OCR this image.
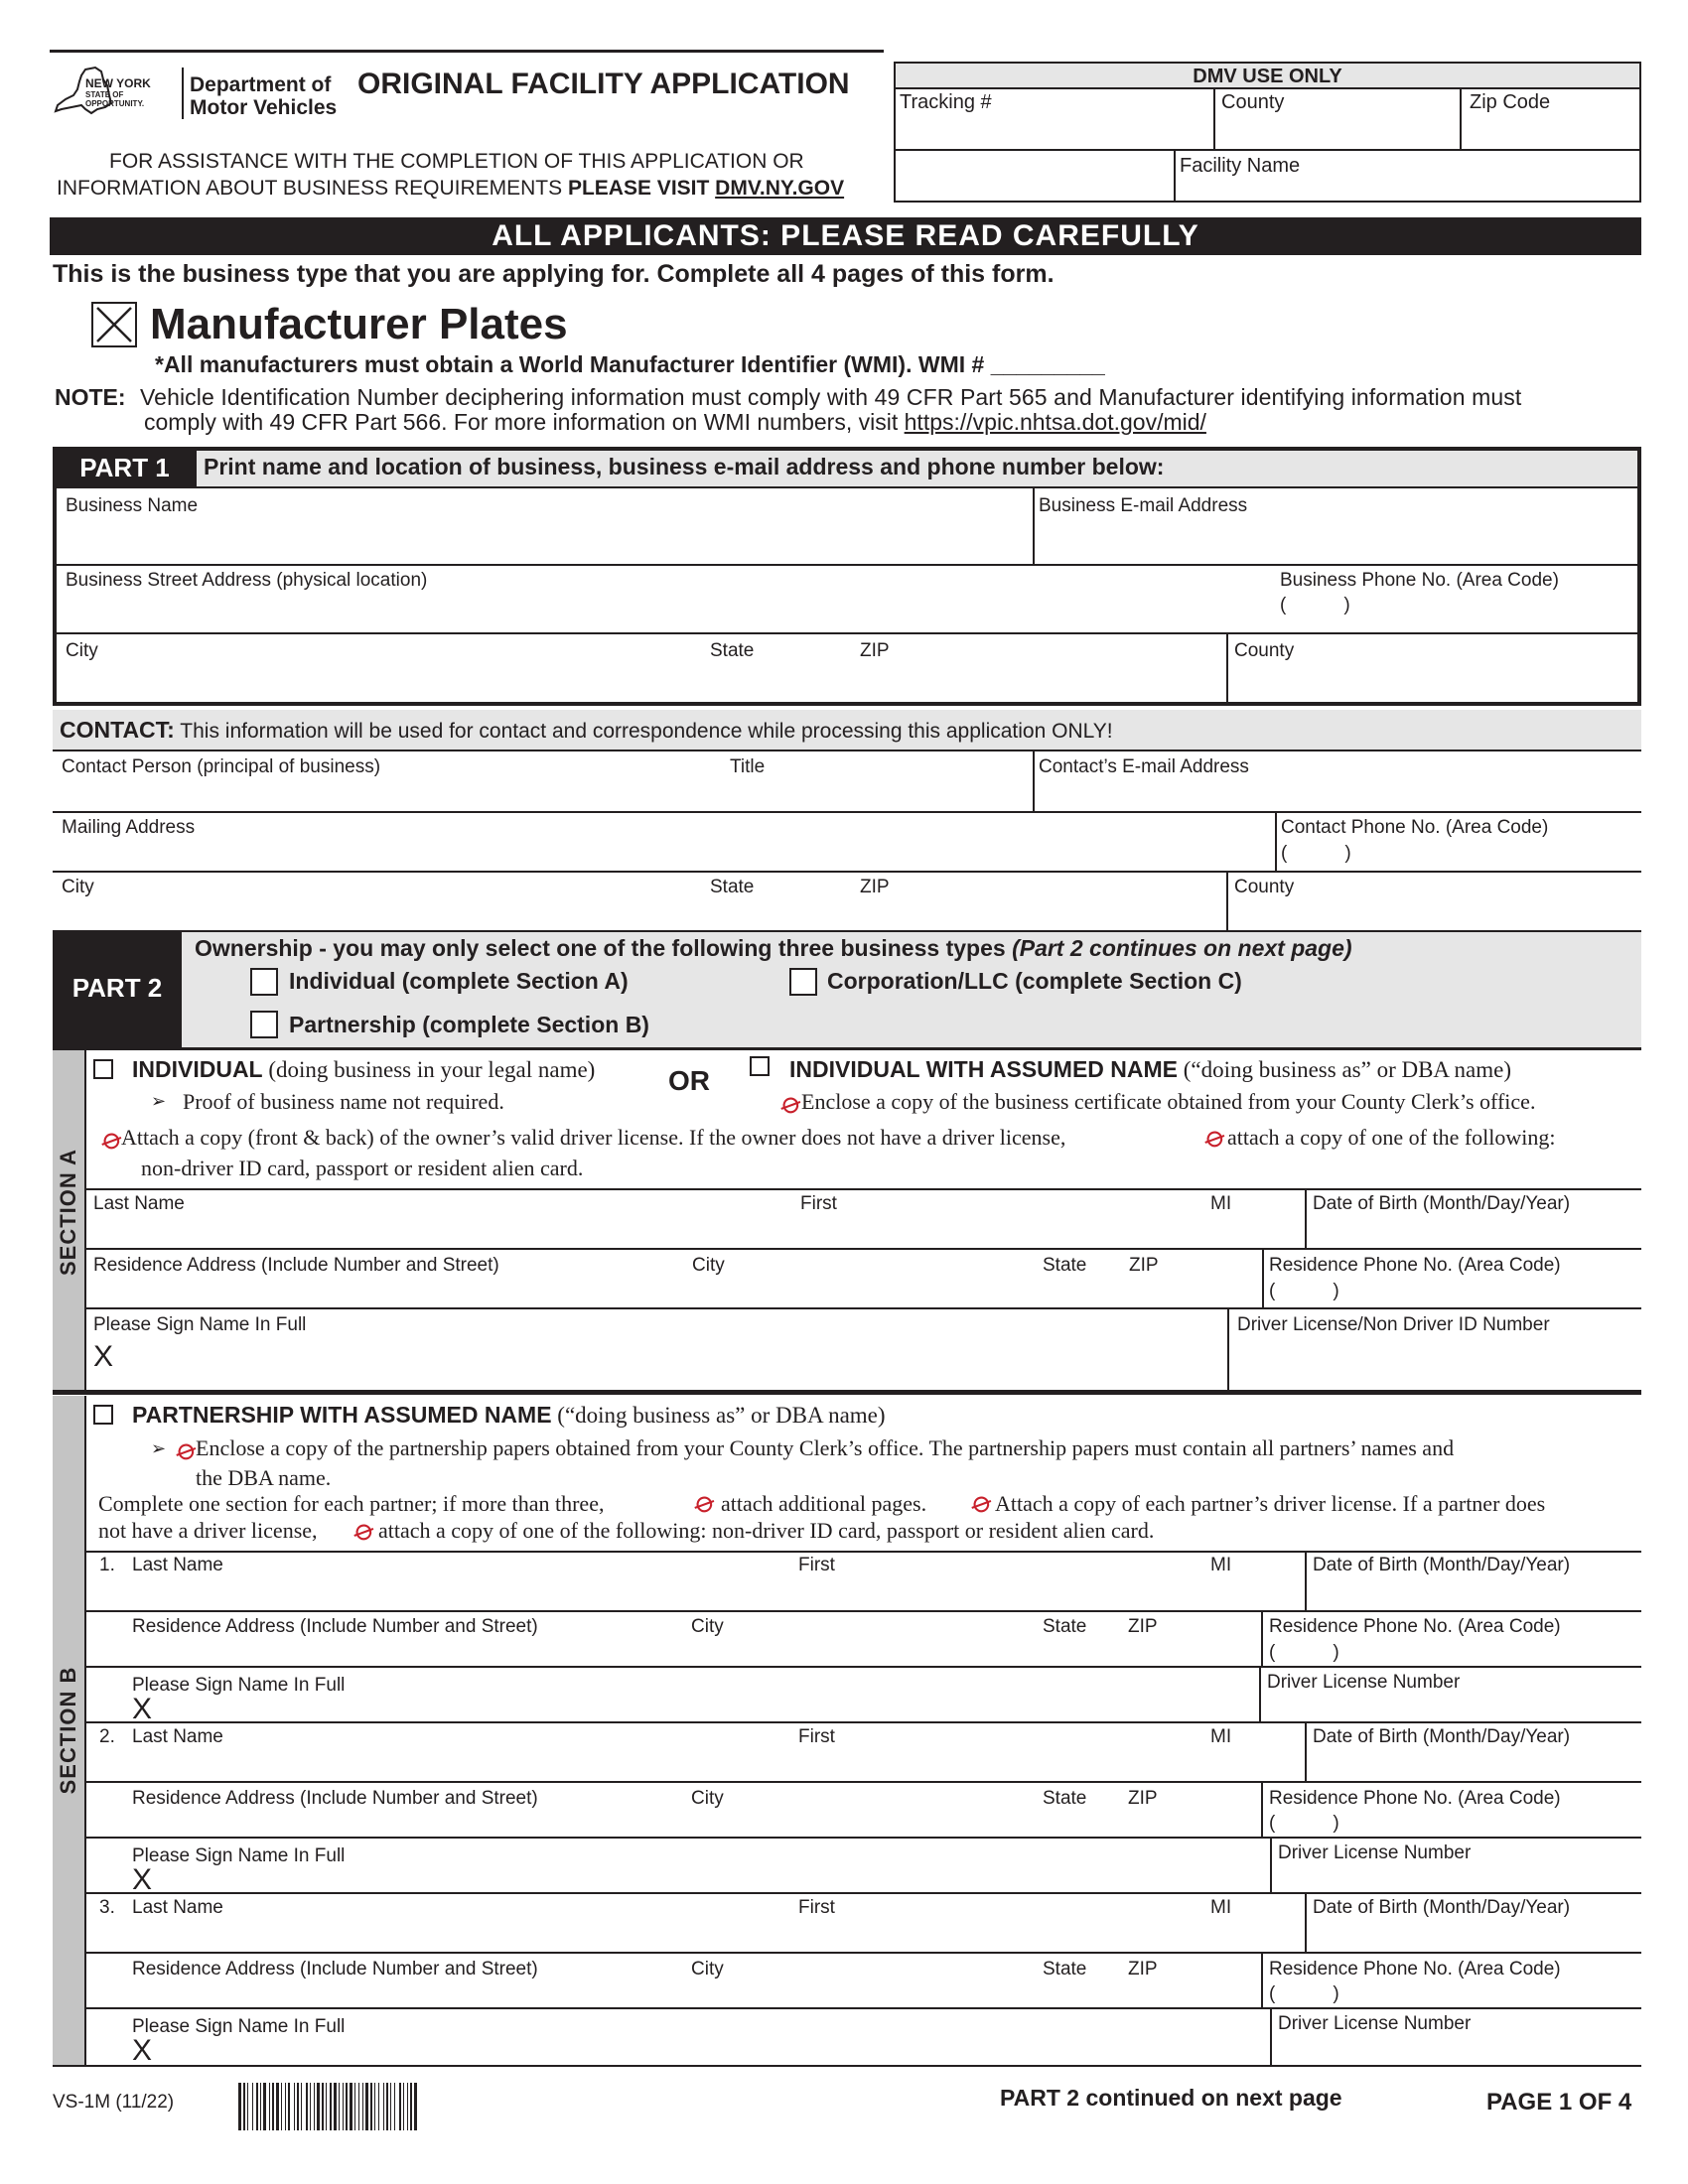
NEW YORK
STATE OF
OPPORTUNITY.
Department of
Motor Vehicles
ORIGINAL FACILITY APPLICATION
FOR ASSISTANCE WITH THE COMPLETION OF THIS APPLICATION OR
INFORMATION ABOUT BUSINESS REQUIREMENTS PLEASE VISIT DMV.NY.GOV
DMV USE ONLY
Tracking #	County	Zip Code
Facility Name
ALL APPLICANTS: PLEASE READ CAREFULLY
This is the business type that you are applying for. Complete all 4 pages of this form.
Manufacturer Plates
*All manufacturers must obtain a World Manufacturer Identifier (WMI). WMI # _________
NOTE: Vehicle Identification Number deciphering information must comply with 49 CFR Part 565 and Manufacturer identifying information must
comply with 49 CFR Part 566. For more information on WMI numbers, visit https://vpic.nhtsa.dot.gov/mid/
PART 1	Print name and location of business, business e-mail address and phone number below:
Business Name	Business E-mail Address
Business Street Address (physical location)	Business Phone No. (Area Code)
(           )
City	State	ZIP	County
CONTACT: This information will be used for contact and correspondence while processing this application ONLY!
Contact Person (principal of business)	Title	Contact’s E-mail Address
Mailing Address	Contact Phone No. (Area Code)
(           )
City	State	ZIP	County
PART 2
Ownership - you may only select one of the following three business types (Part 2 continues on next page)
Individual (complete Section A)	Corporation/LLC (complete Section C)
Partnership (complete Section B)
SECTION A
INDIVIDUAL (doing business in your legal name)	OR	INDIVIDUAL WITH ASSUMED NAME (“doing business as” or DBA name)
➢ Proof of business name not required.	⌀
Enclose a copy of the business certificate obtained from your County Clerk’s office.
⌀
Attach a copy (front & back) of the owner’s valid driver license. If the owner does not have a driver license,	⌀
attach a copy of one of the following:
non-driver ID card, passport or resident alien card.
Last Name	First	MI	Date of Birth (Month/Day/Year)
Residence Address (Include Number and Street)	City	State ZIP	Residence Phone No. (Area Code)
(           )
Please Sign Name In Full
X
Driver License/Non Driver ID Number
SECTION B
PARTNERSHIP WITH ASSUMED NAME (“doing business as” or DBA name)
➢ ⌀
Enclose a copy of the partnership papers obtained from your County Clerk’s office. The partnership papers must contain all partners’ names and
the DBA name.
Complete one section for each partner; if more than three,	⌀ attach additional pages. ⌀
Attach a copy of each partner’s driver license. If a partner does
not have a driver license, ⌀
attach a copy of one of the following: non-driver ID card, passport or resident alien card.
1. Last Name	First	MI	Date of Birth (Month/Day/Year)
Residence Address (Include Number and Street)	City	State ZIP	Residence Phone No. (Area Code)
(           )
Please Sign Name In Full
X
Driver License Number
2. Last Name	First	MI	Date of Birth (Month/Day/Year)
Residence Address (Include Number and Street)	City	State ZIP	Residence Phone No. (Area Code)
(           )
Please Sign Name In Full
X
Driver License Number
3. Last Name	First	MI	Date of Birth (Month/Day/Year)
Residence Address (Include Number and Street)	City	State ZIP	Residence Phone No. (Area Code)
(           )
Please Sign Name In Full
X
Driver License Number
VS-1M (11/22)	PART 2 continued on next page	PAGE 1 OF 4
